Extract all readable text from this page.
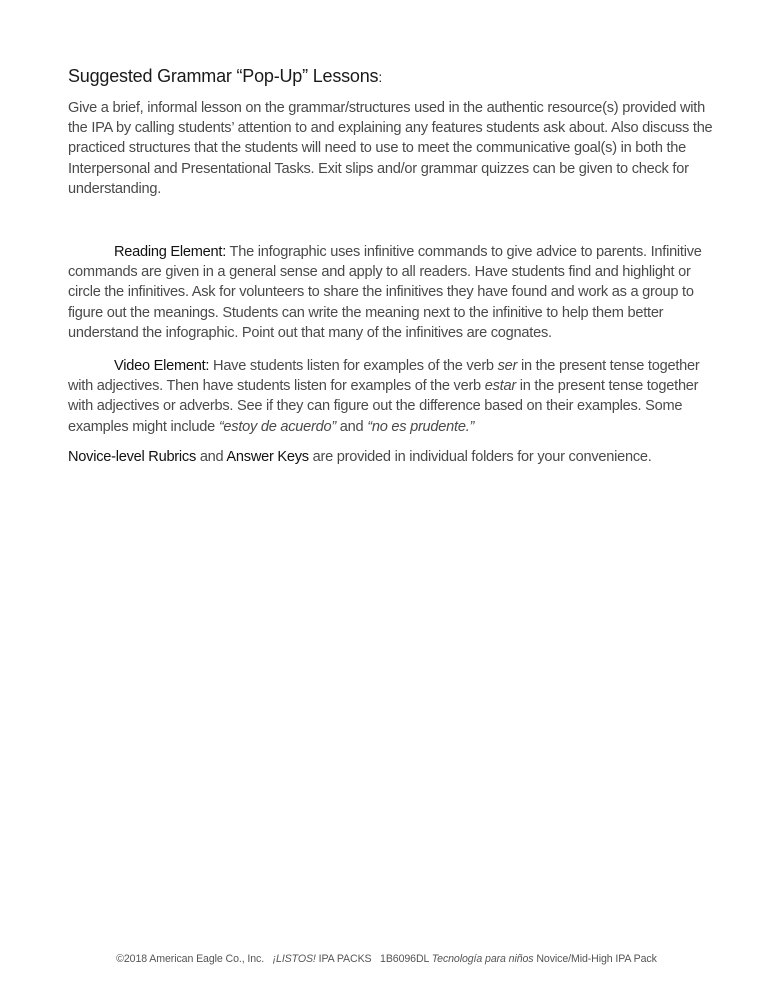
Suggested Grammar “Pop-Up” Lessons:

Give a brief, informal lesson on the grammar/structures used in the authentic resource(s) provided with the IPA by calling students’ attention to and explaining any features students ask about. Also discuss the practiced structures that the students will need to use to meet the communicative goal(s) in both the Interpersonal and Presentational Tasks. Exit slips and/or grammar quizzes can be given to check for understanding.

Reading Element: The infographic uses infinitive commands to give advice to parents. Infinitive commands are given in a general sense and apply to all readers. Have students find and highlight or circle the infinitives. Ask for volunteers to share the infinitives they have found and work as a group to figure out the meanings. Students can write the meaning next to the infinitive to help them better understand the infographic. Point out that many of the infinitives are cognates.

Video Element: Have students listen for examples of the verb ser in the present tense together with adjectives. Then have students listen for examples of the verb estar in the present tense together with adjectives or adverbs. See if they can figure out the difference based on their examples. Some examples might include “estoy de acuerdo” and “no es prudente.”

Novice-level Rubrics and Answer Keys are provided in individual folders for your convenience.

©2018 American Eagle Co., Inc. ¡LISTOS! IPA PACKS 1B6096DL Tecnología para niños Novice/Mid-High IPA Pack
